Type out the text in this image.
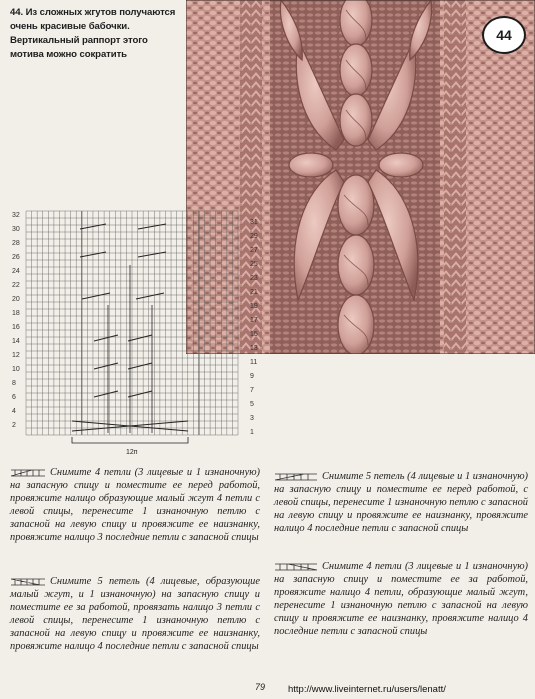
44. Из сложных жгутов получаются очень красивые бабочки. Вертикальный раппорт этого мотива можно сократить
44
32
30
28
26
24
22
20
18
16
14
12
10
8
6
4
2
31
29
27
25
23
21
19
17
15
13
11
9
7
5
3
1
12п
Снимите 4 петли (3 лицевые и 1 изнаночную) на запасную спицу и поместите ее перед работой, провяжите налицо образующие малый жгут 4 петли с левой спицы, перенесите 1 изнаночную петлю с запасной на левую спицу и провяжите ее наизнанку, провяжите налицо 3 последние петли с запасной спицы
Снимите 5 петель (4 лицевые, образующие малый жгут, и 1 изнаночную) на запасную спицу и поместите ее за работой, провязать налицо 3 петли с левой спицы, перенесите 1 изнаночную петлю с запасной на левую спицу и провяжите ее наизнанку, провяжите налицо 4 последние петли с запасной спицы
Снимите 5 петель (4 лицевые и 1 изнаночную) на запасную спицу и поместите ее перед работой, с левой спицы, перенесите 1 изнаночную петлю с запасной на левую спицу и провяжите ее наизнанку, провяжите налицо 4 последние петли с запасной спицы
Снимите 4 петли (3 лицевые и 1 изнаночную) на запасную спицу и поместите ее за работой, провяжите налицо 4 петли, образующие малый жгут, перенесите 1 изнаночную петлю с запасной на левую спицу и провяжите ее наизнанку, провяжите налицо 4 последние петли с запасной спицы
79 http://www.liveinternet.ru/users/lenatt/
